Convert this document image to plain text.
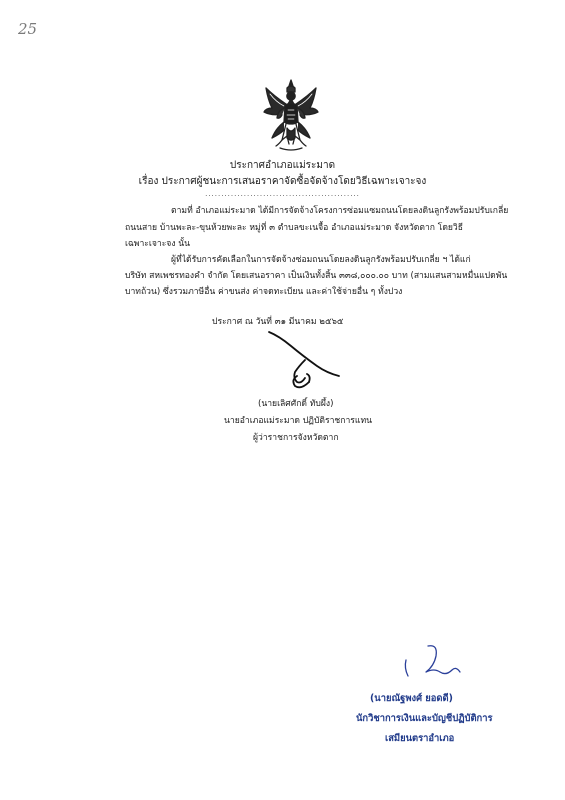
25
ประกาศอำเภอแม่ระมาด
เรื่อง ประกาศผู้ชนะการเสนอราคาจัดซื้อจัดจ้างโดยวิธีเฉพาะเจาะจง
................................................
ตามที่ อำเภอแม่ระมาด ได้มีการจัดจ้างโครงการซ่อมแซมถนนโดยลงดินลูกรังพร้อมปรับเกลี่ย
ถนนสาย บ้านพะละ-ขุนห้วยพะละ หมู่ที่ ๓ ตำบลขะเนจื้อ อำเภอแม่ระมาด จังหวัดตาก โดยวิธี
เฉพาะเจาะจง นั้น
ผู้ที่ได้รับการคัดเลือกในการจัดจ้างซ่อมถนนโดยลงดินลูกรังพร้อมปรับเกลี่ย ฯ ได้แก่
บริษัท สหเพชรทองคำ จำกัด โดยเสนอราคา เป็นเงินทั้งสิ้น ๓๓๘,๐๐๐.๐๐ บาท (สามแสนสามหมื่นแปดพัน
บาทถ้วน) ซึ่งรวมภาษีอื่น ค่าขนส่ง ค่าจดทะเบียน และค่าใช้จ่ายอื่น ๆ ทั้งปวง
ประกาศ ณ วันที่ ๓๑ มีนาคม ๒๕๖๕
(นายเลิศศักดิ์ ทับผึ้ง)
นายอำเภอแม่ระมาด ปฏิบัติราชการแทน
ผู้ว่าราชการจังหวัดตาก
(นายณัฐพงศ์ ยอดดี)
นักวิชาการเงินและบัญชีปฏิบัติการ
เสมียนตราอำเภอ
